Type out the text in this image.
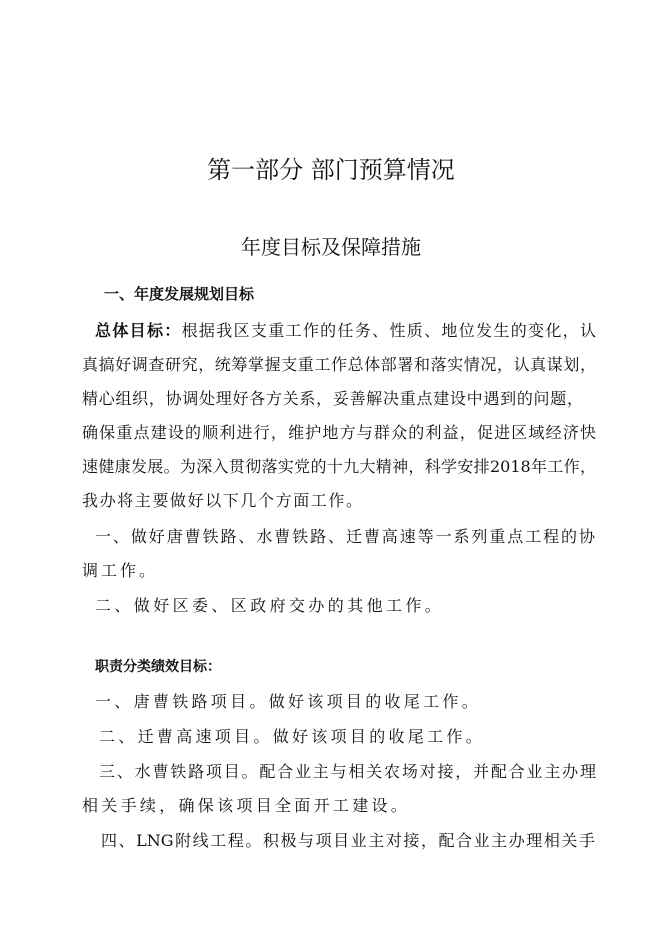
第一部分 部门预算情况
年度目标及保障措施
一、年度发展规划目标
总体目标：根据我区支重工作的任务、性质、地位发生的变化，认
真搞好调查研究，统筹掌握支重工作总体部署和落实情况，认真谋划，
精心组织，协调处理好各方关系，妥善解决重点建设中遇到的问题，
确保重点建设的顺利进行，维护地方与群众的利益，促进区域经济快
速健康发展。为深入贯彻落实党的十九大精神，科学安排2018年工作，
我办将主要做好以下几个方面工作。
一、做好唐曹铁路、水曹铁路、迁曹高速等一系列重点工程的协
调工作。
二、做好区委、区政府交办的其他工作。
职责分类绩效目标：
一、唐曹铁路项目。做好该项目的收尾工作。
二、迁曹高速项目。做好该项目的收尾工作。
三、水曹铁路项目。配合业主与相关农场对接，并配合业主办理
相关手续，确保该项目全面开工建设。
四、LNG附线工程。积极与项目业主对接，配合业主办理相关手
